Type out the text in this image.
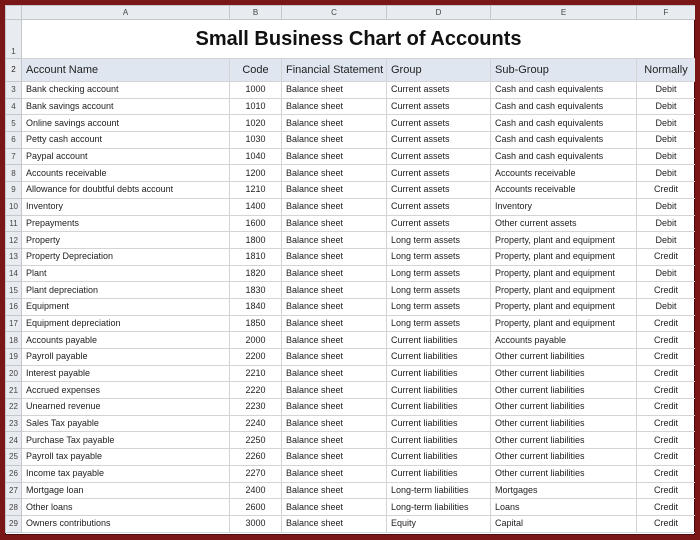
	A	B	C	D	E	F
1	Small Business Chart of Accounts					
2	Account Name	Code	Financial Statement	Group	Sub-Group	Normally
3	Bank checking account	1000	Balance sheet	Current assets	Cash and cash equivalents	Debit
4	Bank savings account	1010	Balance sheet	Current assets	Cash and cash equivalents	Debit
5	Online savings account	1020	Balance sheet	Current assets	Cash and cash equivalents	Debit
6	Petty cash account	1030	Balance sheet	Current assets	Cash and cash equivalents	Debit
7	Paypal account	1040	Balance sheet	Current assets	Cash and cash equivalents	Debit
8	Accounts receivable	1200	Balance sheet	Current assets	Accounts receivable	Debit
9	Allowance for doubtful debts account	1210	Balance sheet	Current assets	Accounts receivable	Credit
10	Inventory	1400	Balance sheet	Current assets	Inventory	Debit
11	Prepayments	1600	Balance sheet	Current assets	Other current assets	Debit
12	Property	1800	Balance sheet	Long term assets	Property, plant and equipment	Debit
13	Property Depreciation	1810	Balance sheet	Long term assets	Property, plant and equipment	Credit
14	Plant	1820	Balance sheet	Long term assets	Property, plant and equipment	Debit
15	Plant depreciation	1830	Balance sheet	Long term assets	Property, plant and equipment	Credit
16	Equipment	1840	Balance sheet	Long term assets	Property, plant and equipment	Debit
17	Equipment depreciation	1850	Balance sheet	Long term assets	Property, plant and equipment	Credit
18	Accounts payable	2000	Balance sheet	Current liabilities	Accounts payable	Credit
19	Payroll payable	2200	Balance sheet	Current liabilities	Other current liabilities	Credit
20	Interest payable	2210	Balance sheet	Current liabilities	Other current liabilities	Credit
21	Accrued expenses	2220	Balance sheet	Current liabilities	Other current liabilities	Credit
22	Unearned revenue	2230	Balance sheet	Current liabilities	Other current liabilities	Credit
23	Sales Tax payable	2240	Balance sheet	Current liabilities	Other current liabilities	Credit
24	Purchase Tax payable	2250	Balance sheet	Current liabilities	Other current liabilities	Credit
25	Payroll tax payable	2260	Balance sheet	Current liabilities	Other current liabilities	Credit
26	Income tax payable	2270	Balance sheet	Current liabilities	Other current liabilities	Credit
27	Mortgage loan	2400	Balance sheet	Long-term liabilities	Mortgages	Credit
28	Other loans	2600	Balance sheet	Long-term liabilities	Loans	Credit
29	Owners contributions	3000	Balance sheet	Equity	Capital	Credit
